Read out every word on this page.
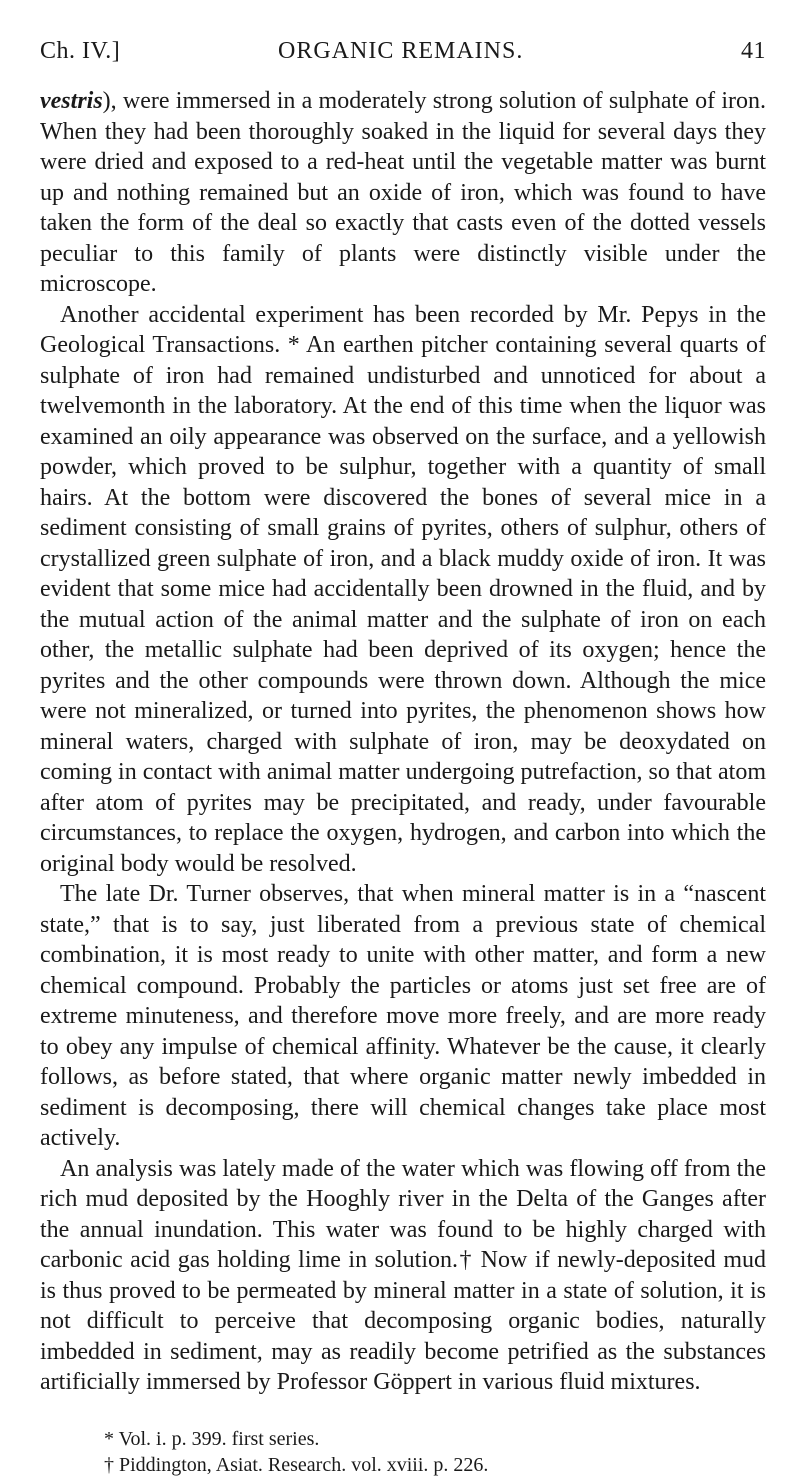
Ch. IV.]	ORGANIC REMAINS.	41

vestris), were immersed in a moderately strong solution of sulphate of iron. When they had been thoroughly soaked in the liquid for several days they were dried and exposed to a red-heat until the vegetable matter was burnt up and nothing remained but an oxide of iron, which was found to have taken the form of the deal so exactly that casts even of the dotted vessels peculiar to this family of plants were distinctly visible under the microscope.

Another accidental experiment has been recorded by Mr. Pepys in the Geological Transactions. * An earthen pitcher containing several quarts of sulphate of iron had remained undisturbed and unnoticed for about a twelvemonth in the laboratory. At the end of this time when the liquor was examined an oily appearance was observed on the surface, and a yellowish powder, which proved to be sulphur, together with a quantity of small hairs. At the bottom were discovered the bones of several mice in a sediment consisting of small grains of pyrites, others of sulphur, others of crystallized green sulphate of iron, and a black muddy oxide of iron. It was evident that some mice had accidentally been drowned in the fluid, and by the mutual action of the animal matter and the sulphate of iron on each other, the metallic sulphate had been deprived of its oxygen; hence the pyrites and the other compounds were thrown down. Although the mice were not mineralized, or turned into pyrites, the phenomenon shows how mineral waters, charged with sulphate of iron, may be deoxydated on coming in contact with animal matter undergoing putrefaction, so that atom after atom of pyrites may be precipitated, and ready, under favourable circumstances, to replace the oxygen, hydrogen, and carbon into which the original body would be resolved.

The late Dr. Turner observes, that when mineral matter is in a “nascent state,” that is to say, just liberated from a previous state of chemical combination, it is most ready to unite with other matter, and form a new chemical compound. Probably the particles or atoms just set free are of extreme minuteness, and therefore move more freely, and are more ready to obey any impulse of chemical affinity. Whatever be the cause, it clearly follows, as before stated, that where organic matter newly imbedded in sediment is decomposing, there will chemical changes take place most actively.

An analysis was lately made of the water which was flowing off from the rich mud deposited by the Hooghly river in the Delta of the Ganges after the annual inundation. This water was found to be highly charged with carbonic acid gas holding lime in solution.† Now if newly-deposited mud is thus proved to be permeated by mineral matter in a state of solution, it is not difficult to perceive that decomposing organic bodies, naturally imbedded in sediment, may as readily become petrified as the substances artificially immersed by Professor Göppert in various fluid mixtures.

* Vol. i. p. 399. first series.

† Piddington, Asiat. Research. vol. xviii. p. 226.
